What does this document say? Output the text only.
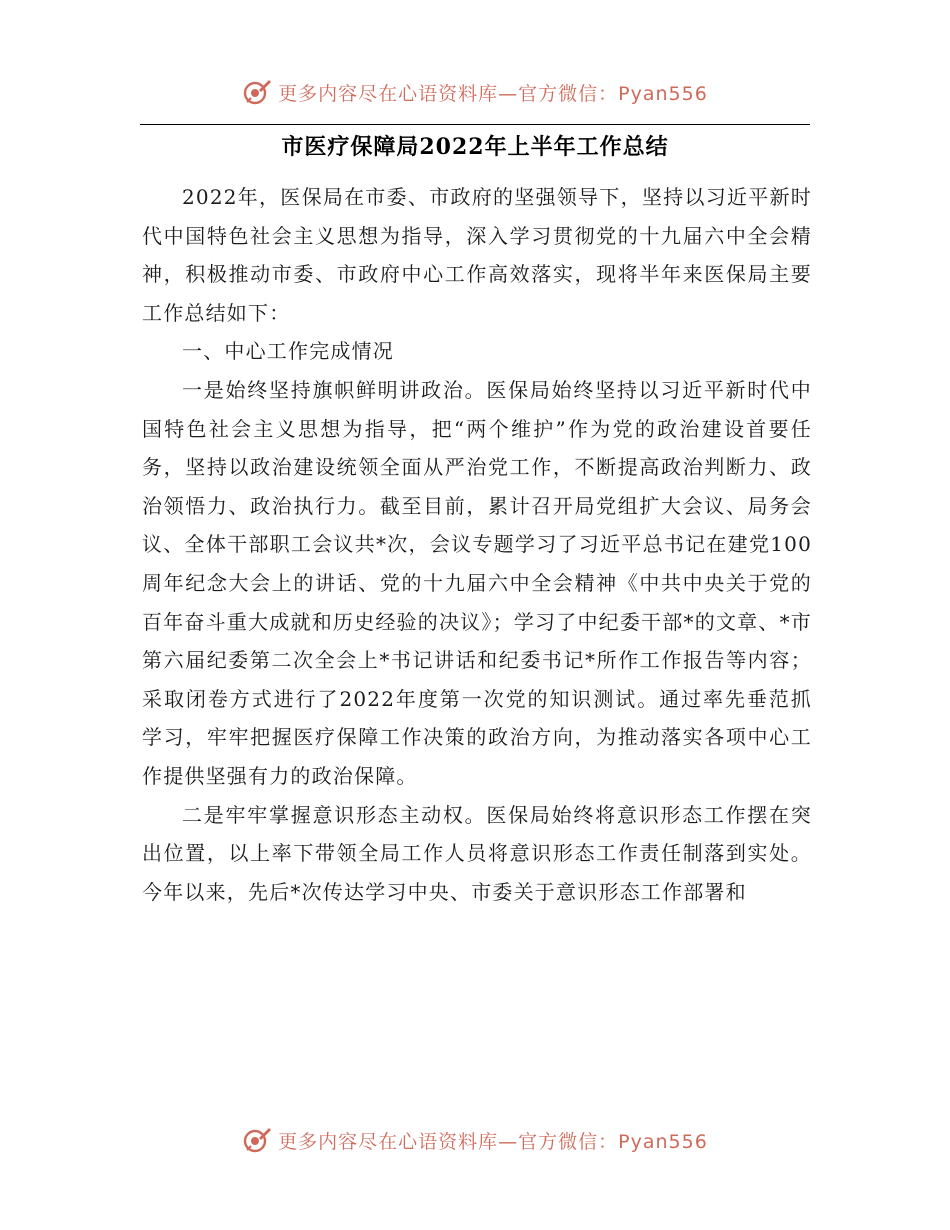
更多内容尽在心语资料库—官方微信：Pyan556
市医疗保障局2022年上半年工作总结

2022年，医保局在市委、市政府的坚强领导下，坚持以习近平新时代中国特色社会主义思想为指导，深入学习贯彻党的十九届六中全会精神，积极推动市委、市政府中心工作高效落实，现将半年来医保局主要工作总结如下：

一、中心工作完成情况

一是始终坚持旗帜鲜明讲政治。医保局始终坚持以习近平新时代中国特色社会主义思想为指导，把“两个维护”作为党的政治建设首要任务，坚持以政治建设统领全面从严治党工作，不断提高政治判断力、政治领悟力、政治执行力。截至目前，累计召开局党组扩大会议、局务会议、全体干部职工会议共*次，会议专题学习了习近平总书记在建党100周年纪念大会上的讲话、党的十九届六中全会精神《中共中央关于党的百年奋斗重大成就和历史经验的决议》；学习了中纪委干部*的文章、*市第六届纪委第二次全会上*书记讲话和纪委书记*所作工作报告等内容；采取闭卷方式进行了2022年度第一次党的知识测试。通过率先垂范抓学习，牢牢把握医疗保障工作决策的政治方向，为推动落实各项中心工作提供坚强有力的政治保障。

二是牢牢掌握意识形态主动权。医保局始终将意识形态工作摆在突出位置，以上率下带领全局工作人员将意识形态工作责任制落到实处。今年以来，先后*次传达学习中央、市委关于意识形态工作部署和

更多内容尽在心语资料库—官方微信：Pyan556
